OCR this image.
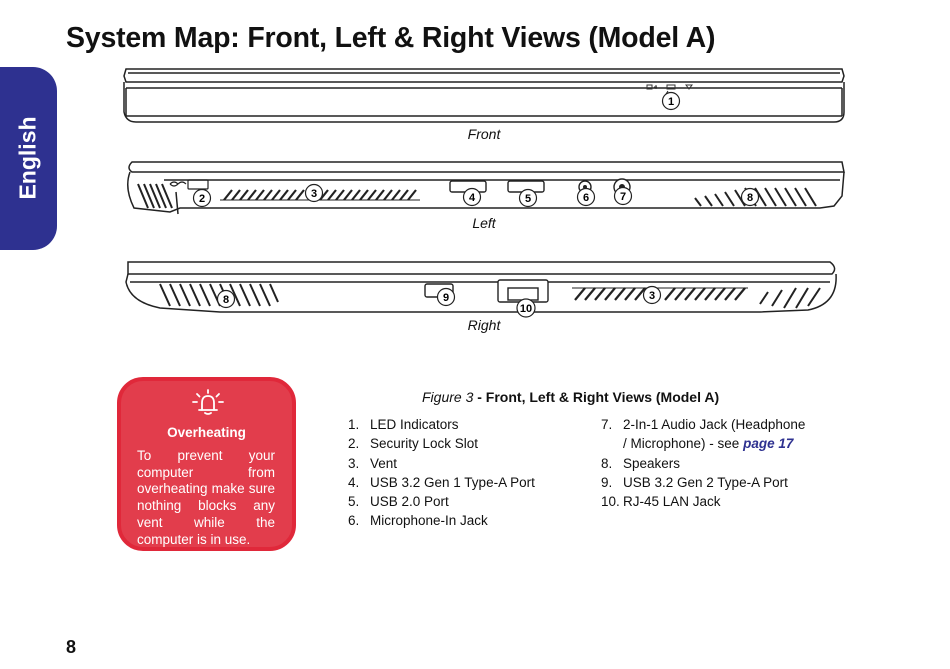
System Map: Front, Left & Right Views (Model A)
English
1
Front
2	3	4	5	6	7	8
Left
8	9
10
3
Right
Figure 3 - Front, Left & Right Views (Model A)
1. LED Indicators
2. Security Lock Slot
3. Vent
4. USB 3.2 Gen 1 Type-A Port
5. USB 2.0 Port
6. Microphone-In Jack
7. 2-In-1 Audio Jack (Headphone / Microphone) - see page 17
8. Speakers
9. USB 3.2 Gen 2 Type-A Port
10. RJ-45 LAN Jack
Overheating

To prevent your computer from overheating make sure nothing blocks any vent while the computer is in use.

8
